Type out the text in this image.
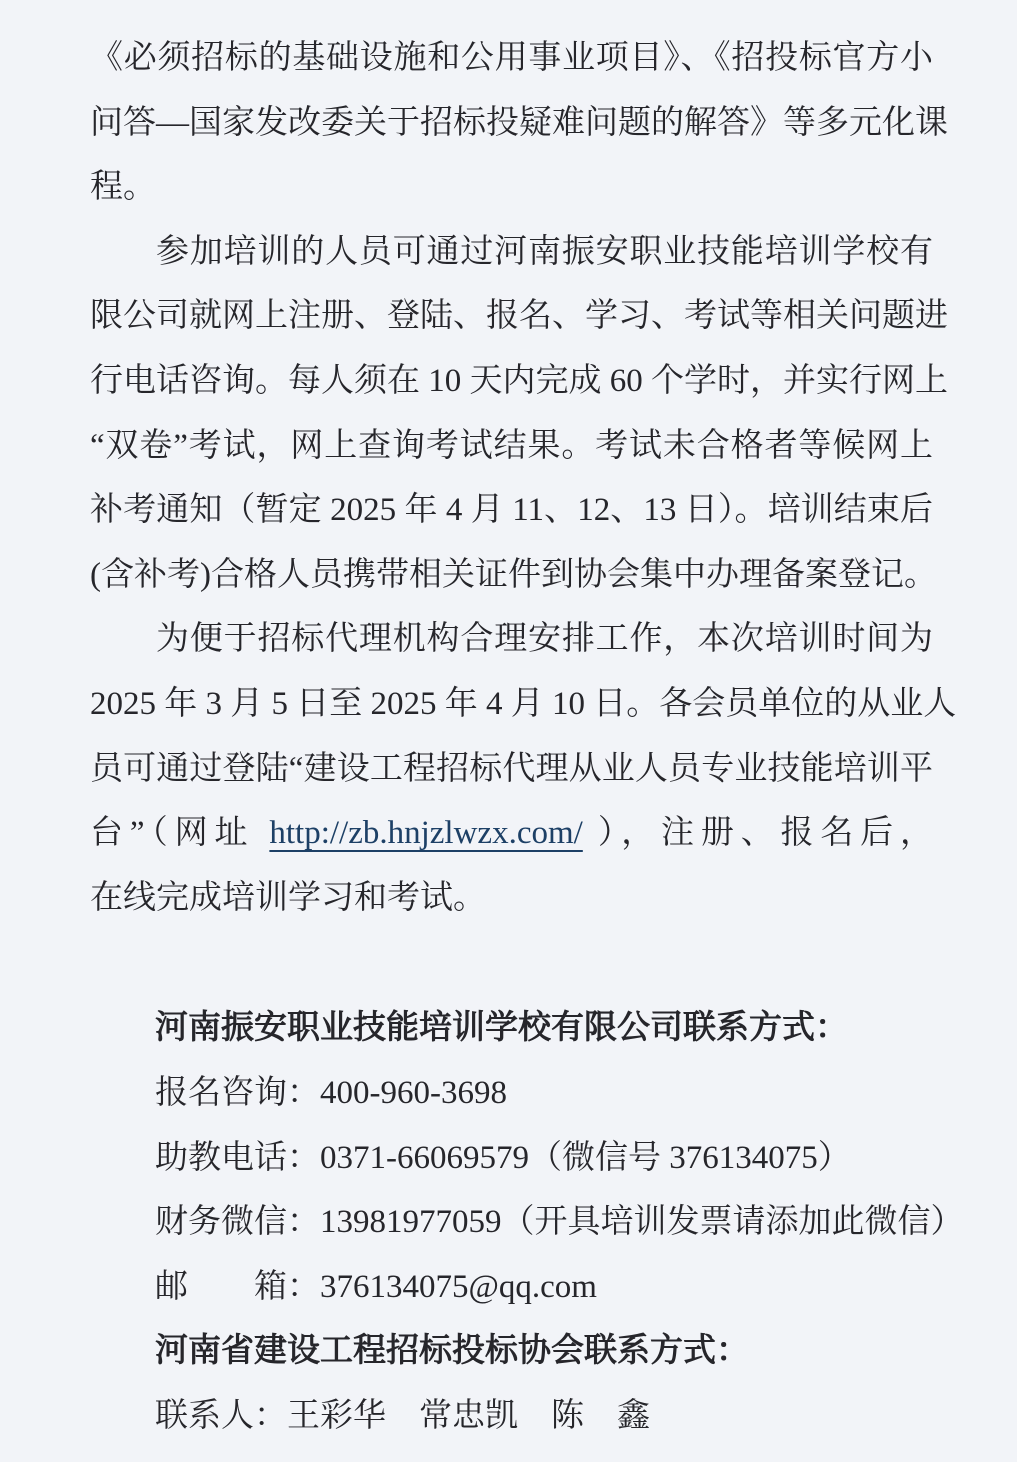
《必须招标的基础设施和公用事业项目》、《招投标官方小
问答—国家发改委关于招标投疑难问题的解答》等多元化课
程。
参加培训的人员可通过河南振安职业技能培训学校有
限公司就网上注册、登陆、报名、学习、考试等相关问题进
行电话咨询。每人须在 10 天内完成 60 个学时，并实行网上
“双卷”考试，网上查询考试结果。考试未合格者等候网上
补考通知（暂定 2025 年 4 月 11、12、13 日）。培训结束后
(含补考)合格人员携带相关证件到协会集中办理备案登记。
为便于招标代理机构合理安排工作，本次培训时间为
2025 年 3 月 5 日至 2025 年 4 月 10 日。各会员单位的从业人
员可通过登陆“建设工程招标代理从业人员专业技能培训平
台”（网址 http://zb.hnjzlwzx.com/ ），注册、报名后，
在线完成培训学习和考试。
河南振安职业技能培训学校有限公司联系方式：
报名咨询：400-960-3698
助教电话：0371-66069579（微信号 376134075）
财务微信：13981977059（开具培训发票请添加此微信）
邮　　箱：376134075@qq.com
河南省建设工程招标投标协会联系方式：
联系人：王彩华　常忠凯　陈　鑫
